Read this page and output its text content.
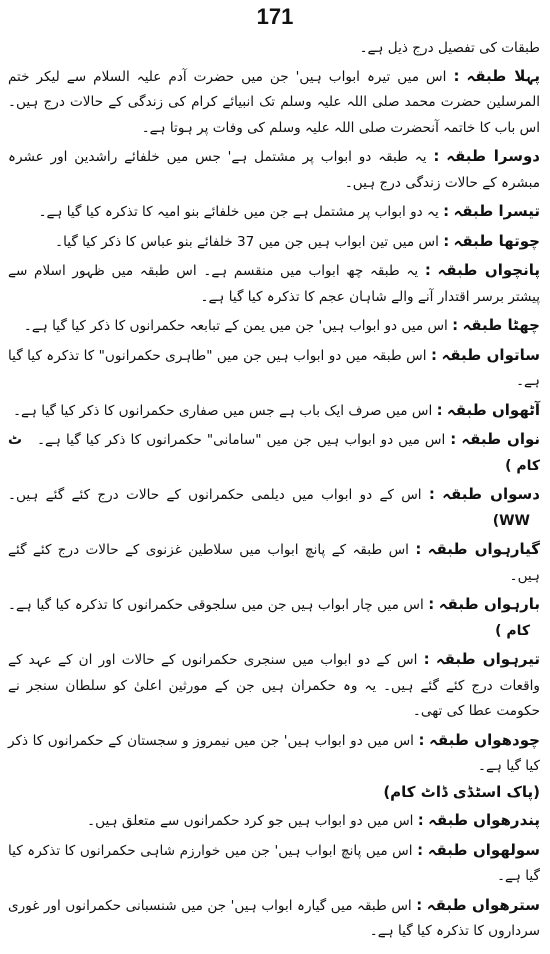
171

طبقات کی تفصیل درج ذیل ہے۔

پہلا طبقہ : اس میں تیرہ ابواب ہیں' جن میں حضرت آدم علیہ السلام سے لیکر ختم المرسلین حضرت محمد صلی اللہ علیہ وسلم تک انبیائے کرام کی زندگی کے حالات درج ہیں۔ اس باب کا خاتمہ آنحضرت صلی اللہ علیہ وسلم کی وفات پر ہوتا ہے۔

دوسرا طبقہ : یہ طبقہ دو ابواب پر مشتمل ہے' جس میں خلفائے راشدین اور عشرہ مبشرہ کے حالات زندگی درج ہیں۔

تیسرا طبقہ : یہ دو ابواب پر مشتمل ہے جن میں خلفائے بنو امیہ کا تذکرہ کیا گیا ہے۔

چوتھا طبقہ : اس میں تین ابواب ہیں جن میں 37 خلفائے بنو عباس کا ذکر کیا گیا۔

پانچواں طبقہ : یہ طبقہ چھ ابواب میں منقسم ہے۔ اس طبقہ میں ظہور اسلام سے پیشتر برسر اقتدار آنے والے شاہان عجم کا تذکرہ کیا گیا ہے۔

چھٹا طبقہ : اس میں دو ابواب ہیں' جن میں یمن کے تبابعہ حکمرانوں کا ذکر کیا گیا ہے۔

ساتواں طبقہ : اس طبقہ میں دو ابواب ہیں جن میں "طاہری حکمرانوں" کا تذکرہ کیا گیا ہے۔

آٹھواں طبقہ : اس میں صرف ایک باب ہے جس میں صفاری حکمرانوں کا ذکر کیا گیا ہے۔

نواں طبقہ : اس میں دو ابواب ہیں جن میں "سامانی" حکمرانوں کا ذکر کیا گیا ہے۔ ٹ کام )

دسواں طبقہ : اس کے دو ابواب میں دیلمی حکمرانوں کے حالات درج کئے گئے ہیں۔ WW)

گیارہواں طبقہ : اس طبقہ کے پانچ ابواب میں سلاطین غزنوی کے حالات درج کئے گئے ہیں۔

بارہواں طبقہ : اس میں چار ابواب ہیں جن میں سلجوقی حکمرانوں کا تذکرہ کیا گیا ہے۔ کام )

تیرہواں طبقہ : اس کے دو ابواب میں سنجری حکمرانوں کے حالات اور ان کے عہد کے واقعات درج کئے گئے ہیں۔ یہ وہ حکمران ہیں جن کے مورثین اعلیٰ کو سلطان سنجر نے حکومت عطا کی تھی۔

چودھواں طبقہ : اس میں دو ابواب ہیں' جن میں نیمروز و سجستان کے حکمرانوں کا ذکر کیا گیا ہے۔
(پاک اسٹڈی ڈاٹ کام)

پندرھواں طبقہ : اس میں دو ابواب ہیں جو کرد حکمرانوں سے متعلق ہیں۔

سولھواں طبقہ : اس میں پانچ ابواب ہیں' جن میں خوارزم شاہی حکمرانوں کا تذکرہ کیا گیا ہے۔

سترھواں طبقہ : اس طبقہ میں گیارہ ابواب ہیں' جن میں شنسبانی حکمرانوں اور غوری سرداروں کا تذکرہ کیا گیا ہے۔
